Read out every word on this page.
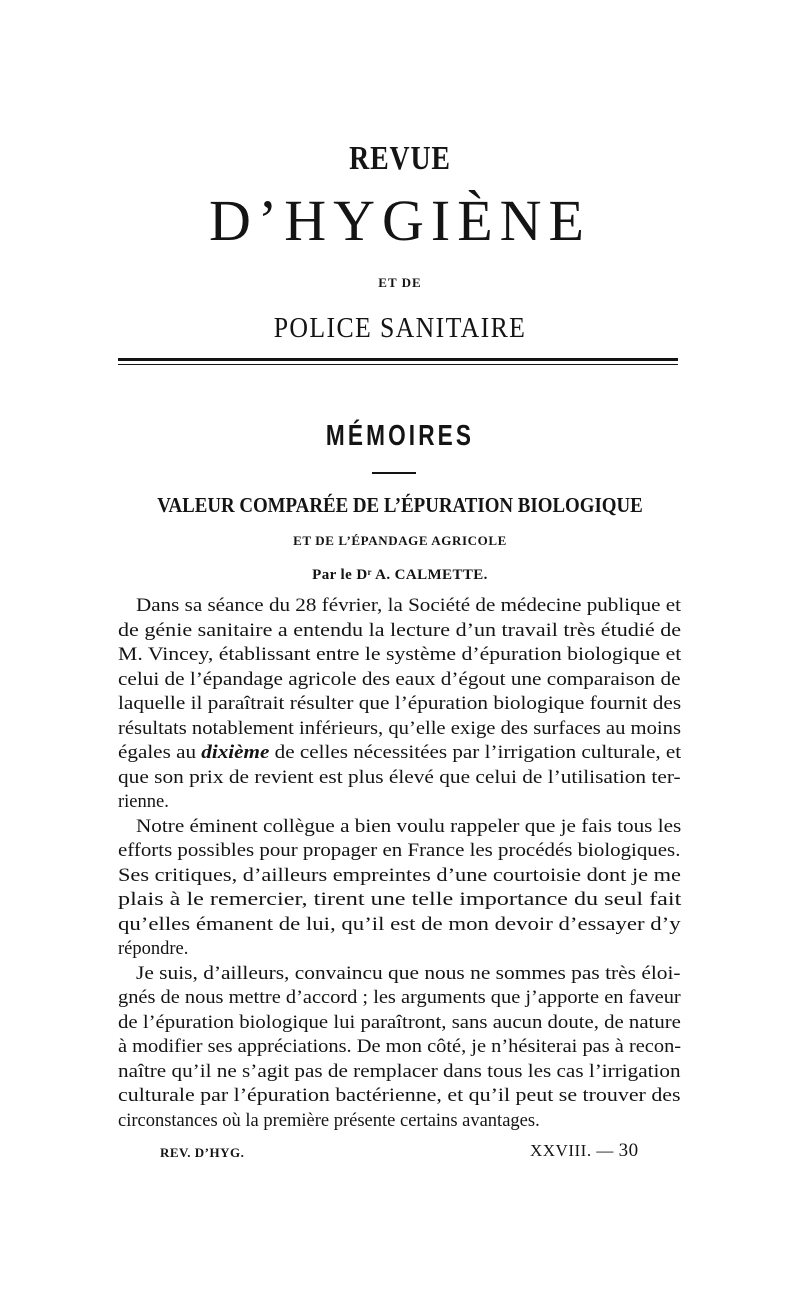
REVUE
D’HYGIÈNE
ET DE
POLICE SANITAIRE
MÉMOIRES
VALEUR COMPARÉE DE L’ÉPURATION BIOLOGIQUE
ET DE L’ÉPANDAGE AGRICOLE
Par le Dʳ A. CALMETTE.
Dans sa séance du 28 février, la Société de médecine publique et
de génie sanitaire a entendu la lecture d’un travail très étudié de
M. Vincey, établissant entre le système d’épuration biologique et
celui de l’épandage agricole des eaux d’égout une comparaison de
laquelle il paraîtrait résulter que l’épuration biologique fournit des
résultats notablement inférieurs, qu’elle exige des surfaces au moins
égales au dixième de celles nécessitées par l’irrigation culturale, et
que son prix de revient est plus élevé que celui de l’utilisation ter-
rienne.
Notre éminent collègue a bien voulu rappeler que je fais tous les
efforts possibles pour propager en France les procédés biologiques.
Ses critiques, d’ailleurs empreintes d’une courtoisie dont je me
plais à le remercier, tirent une telle importance du seul fait
qu’elles émanent de lui, qu’il est de mon devoir d’essayer d’y
répondre.
Je suis, d’ailleurs, convaincu que nous ne sommes pas très éloi-
gnés de nous mettre d’accord ; les arguments que j’apporte en faveur
de l’épuration biologique lui paraîtront, sans aucun doute, de nature
à modifier ses appréciations. De mon côté, je n’hésiterai pas à recon-
naître qu’il ne s’agit pas de remplacer dans tous les cas l’irrigation
culturale par l’épuration bactérienne, et qu’il peut se trouver des
circonstances où la première présente certains avantages.
REV. D’HYG.	XXVIII. — 30
